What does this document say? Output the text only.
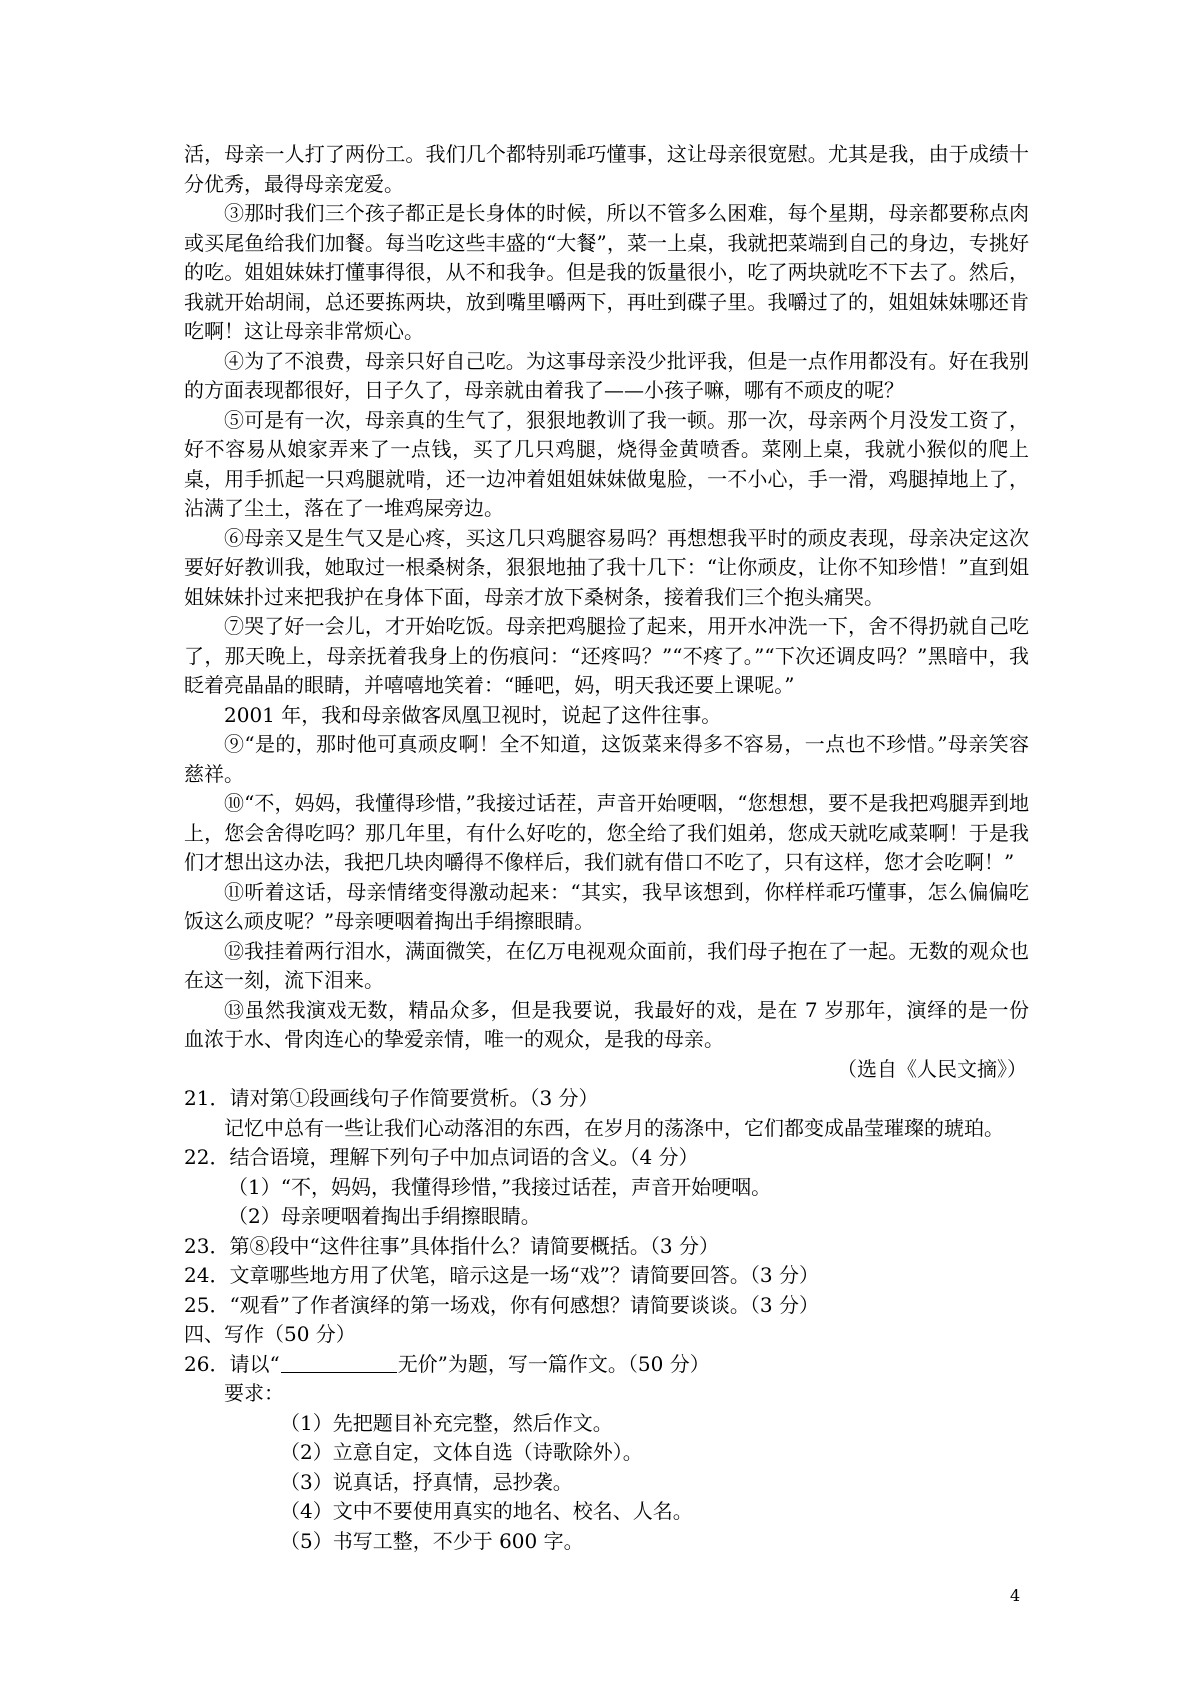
活，母亲一人打了两份工。我们几个都特别乖巧懂事，这让母亲很宽慰。尤其是我，由于成绩十分优秀，最得母亲宠爱。

③那时我们三个孩子都正是长身体的时候，所以不管多么困难，每个星期，母亲都要称点肉或买尾鱼给我们加餐。每当吃这些丰盛的“大餐”，菜一上桌，我就把菜端到自己的身边，专挑好的吃。姐姐妹妹打懂事得很，从不和我争。但是我的饭量很小，吃了两块就吃不下去了。然后，我就开始胡闹，总还要拣两块，放到嘴里嚼两下，再吐到碟子里。我嚼过了的，姐姐妹妹哪还肯吃啊！这让母亲非常烦心。

④为了不浪费，母亲只好自己吃。为这事母亲没少批评我，但是一点作用都没有。好在我别的方面表现都很好，日子久了，母亲就由着我了——小孩子嘛，哪有不顽皮的呢？

⑤可是有一次，母亲真的生气了，狠狠地教训了我一顿。那一次，母亲两个月没发工资了，好不容易从娘家弄来了一点钱，买了几只鸡腿，烧得金黄喷香。菜刚上桌，我就小猴似的爬上桌，用手抓起一只鸡腿就啃，还一边冲着姐姐妹妹做鬼脸，一不小心，手一滑，鸡腿掉地上了，沾满了尘土，落在了一堆鸡屎旁边。

⑥母亲又是生气又是心疼，买这几只鸡腿容易吗？再想想我平时的顽皮表现，母亲决定这次要好好教训我，她取过一根桑树条，狠狠地抽了我十几下：“让你顽皮，让你不知珍惜！”直到姐姐妹妹扑过来把我护在身体下面，母亲才放下桑树条，接着我们三个抱头痛哭。

⑦哭了好一会儿，才开始吃饭。母亲把鸡腿捡了起来，用开水冲洗一下，舍不得扔就自己吃了，那天晚上，母亲抚着我身上的伤痕问：“还疼吗？”“不疼了。”“下次还调皮吗？”黑暗中，我眨着亮晶晶的眼睛，并嘻嘻地笑着：“睡吧，妈，明天我还要上课呢。”

2001 年，我和母亲做客凤凰卫视时，说起了这件往事。

⑨“是的，那时他可真顽皮啊！全不知道，这饭菜来得多不容易，一点也不珍惜。”母亲笑容慈祥。

⑩“不，妈妈，我懂得珍惜，”我接过话茬，声音开始哽咽，“您想想，要不是我把鸡腿弄到地上，您会舍得吃吗？那几年里，有什么好吃的，您全给了我们姐弟，您成天就吃咸菜啊！于是我们才想出这办法，我把几块肉嚼得不像样后，我们就有借口不吃了，只有这样，您才会吃啊！”

⑪听着这话，母亲情绪变得激动起来：“其实，我早该想到，你样样乖巧懂事，怎么偏偏吃饭这么顽皮呢？”母亲哽咽着掏出手绢擦眼睛。

⑫我挂着两行泪水，满面微笑，在亿万电视观众面前，我们母子抱在了一起。无数的观众也在这一刻，流下泪来。

⑬虽然我演戏无数，精品众多，但是我要说，我最好的戏，是在 7 岁那年，演绎的是一份血浓于水、骨肉连心的挚爱亲情，唯一的观众，是我的母亲。

（选自《人民文摘》）

21．请对第①段画线句子作简要赏析。（3 分）

记忆中总有一些让我们心动落泪的东西，在岁月的荡涤中，它们都变成晶莹璀璨的琥珀。

22．结合语境，理解下列句子中加点词语的含义。（4 分）

（1）“不，妈妈，我懂得珍惜，”我接过话茬，声音开始哽咽。

（2）母亲哽咽着掏出手绢擦眼睛。

23．第⑧段中“这件往事”具体指什么？请简要概括。（3 分）

24．文章哪些地方用了伏笔，暗示这是一场“戏”？请简要回答。（3 分）

25．“观看”了作者演绎的第一场戏，你有何感想？请简要谈谈。（3 分）

四、写作（50 分）

26．请以“	无价”为题，写一篇作文。（50 分）

要求：

（1）先把题目补充完整，然后作文。

（2）立意自定，文体自选（诗歌除外）。

（3）说真话，抒真情，忌抄袭。

（4）文中不要使用真实的地名、校名、人名。

（5）书写工整，不少于 600 字。

4
